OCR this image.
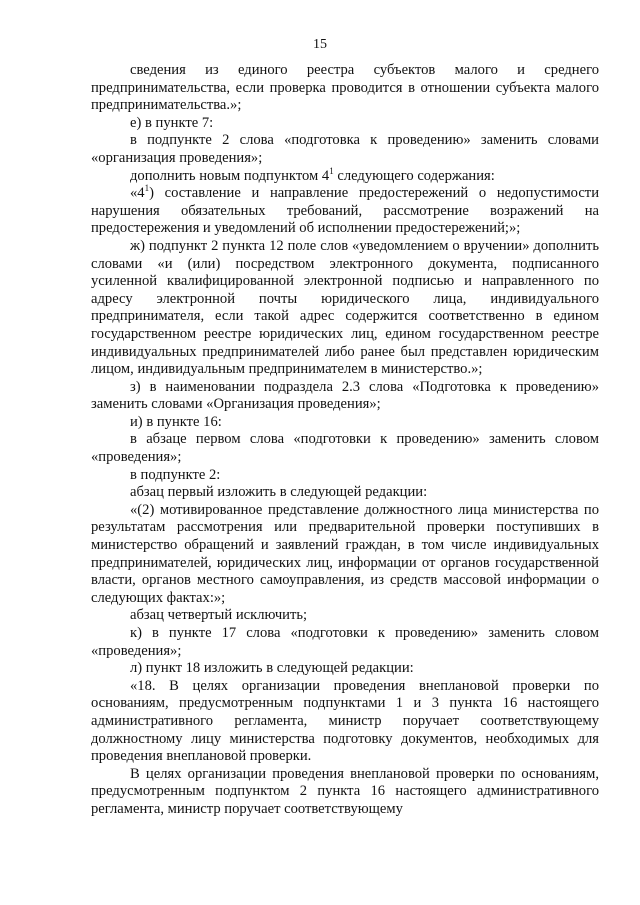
15

сведения из единого реестра субъектов малого и среднего предпринимательства, если проверка проводится в отношении субъекта малого предпринимательства.»;

е) в пункте 7:

в подпункте 2 слова «подготовка к проведению» заменить словами «организация проведения»;

дополнить новым подпунктом $4^1$ следующего содержания:

«$4^1$) составление и направление предостережений о недопустимости нарушения обязательных требований, рассмотрение возражений на предостережения и уведомлений об исполнении предостережений;»;

ж) подпункт 2 пункта 12 поле слов «уведомлением о вручении» дополнить словами «и (или) посредством электронного документа, подписанного усиленной квалифицированной электронной подписью и направленного по адресу электронной почты юридического лица, индивидуального предпринимателя, если такой адрес содержится соответственно в едином государственном реестре юридических лиц, едином государственном реестре индивидуальных предпринимателей либо ранее был представлен юридическим лицом, индивидуальным предпринимателем в министерство.»;

з) в наименовании подраздела 2.3 слова «Подготовка к проведению» заменить словами «Организация проведения»;

и) в пункте 16:

в абзаце первом слова «подготовки к проведению» заменить словом «проведения»;

в подпункте 2:

абзац первый изложить в следующей редакции:

«(2) мотивированное представление должностного лица министерства по результатам рассмотрения или предварительной проверки поступивших в министерство обращений и заявлений граждан, в том числе индивидуальных предпринимателей, юридических лиц, информации от органов государственной власти, органов местного самоуправления, из средств массовой информации о следующих фактах:»;

абзац четвертый исключить;

к) в пункте 17 слова «подготовки к проведению» заменить словом «проведения»;

л) пункт 18 изложить в следующей редакции:

«18. В целях организации проведения внеплановой проверки по основаниям, предусмотренным подпунктами 1 и 3 пункта 16 настоящего административного регламента, министр поручает соответствующему должностному лицу министерства подготовку документов, необходимых для проведения внеплановой проверки.

В целях организации проведения внеплановой проверки по основаниям, предусмотренным подпунктом 2 пункта 16 настоящего административного регламента, министр поручает соответствующему
